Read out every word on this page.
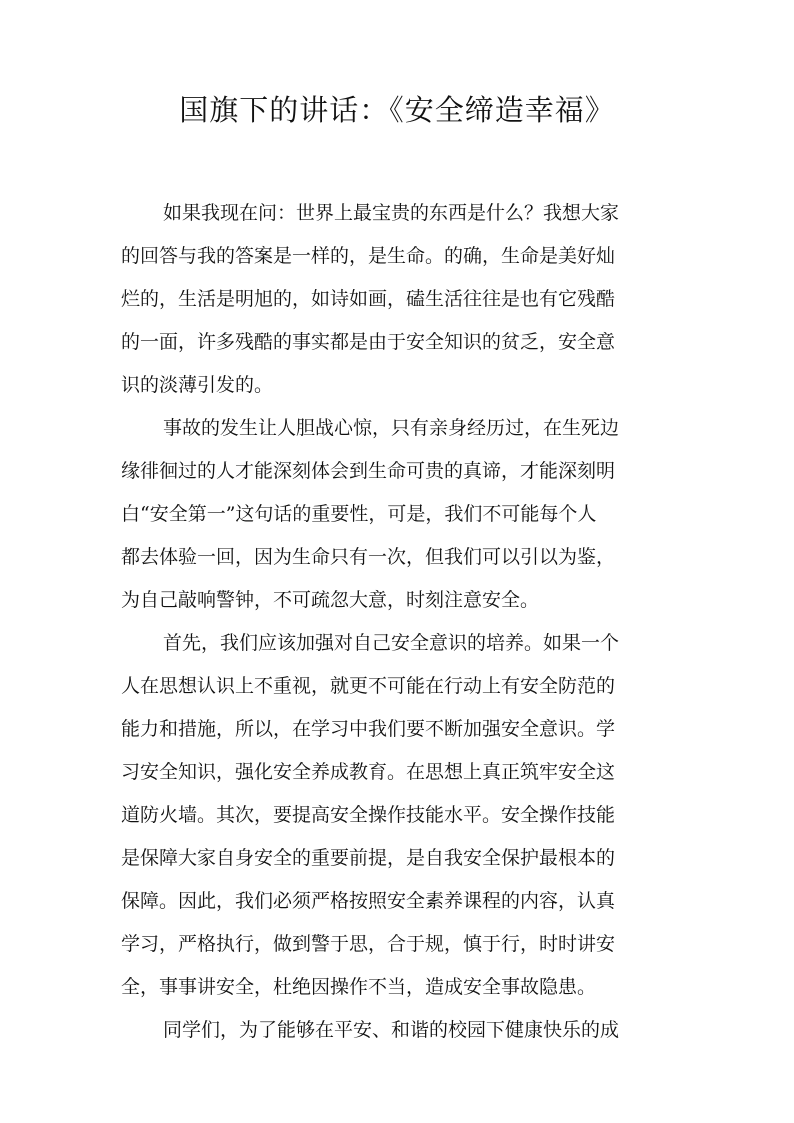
国旗下的讲话：《安全缔造幸福》

如果我现在问：世界上最宝贵的东西是什么？我想大家

的回答与我的答案是一样的，是生命。的确，生命是美好灿

烂的，生活是明旭的，如诗如画，磕生活往往是也有它残酷

的一面，许多残酷的事实都是由于安全知识的贫乏，安全意

识的淡薄引发的。

事故的发生让人胆战心惊，只有亲身经历过，在生死边

缘徘徊过的人才能深刻体会到生命可贵的真谛，才能深刻明

白“安全第一”这句话的重要性，可是，我们不可能每个人

都去体验一回，因为生命只有一次，但我们可以引以为鉴，

为自己敲响警钟，不可疏忽大意，时刻注意安全。

首先，我们应该加强对自己安全意识的培养。如果一个

人在思想认识上不重视，就更不可能在行动上有安全防范的

能力和措施，所以，在学习中我们要不断加强安全意识。学

习安全知识，强化安全养成教育。在思想上真正筑牢安全这

道防火墙。其次，要提高安全操作技能水平。安全操作技能

是保障大家自身安全的重要前提，是自我安全保护最根本的

保障。因此，我们必须严格按照安全素养课程的内容，认真

学习，严格执行，做到警于思，合于规，慎于行，时时讲安

全，事事讲安全，杜绝因操作不当，造成安全事故隐患。

同学们，为了能够在平安、和谐的校园下健康快乐的成
